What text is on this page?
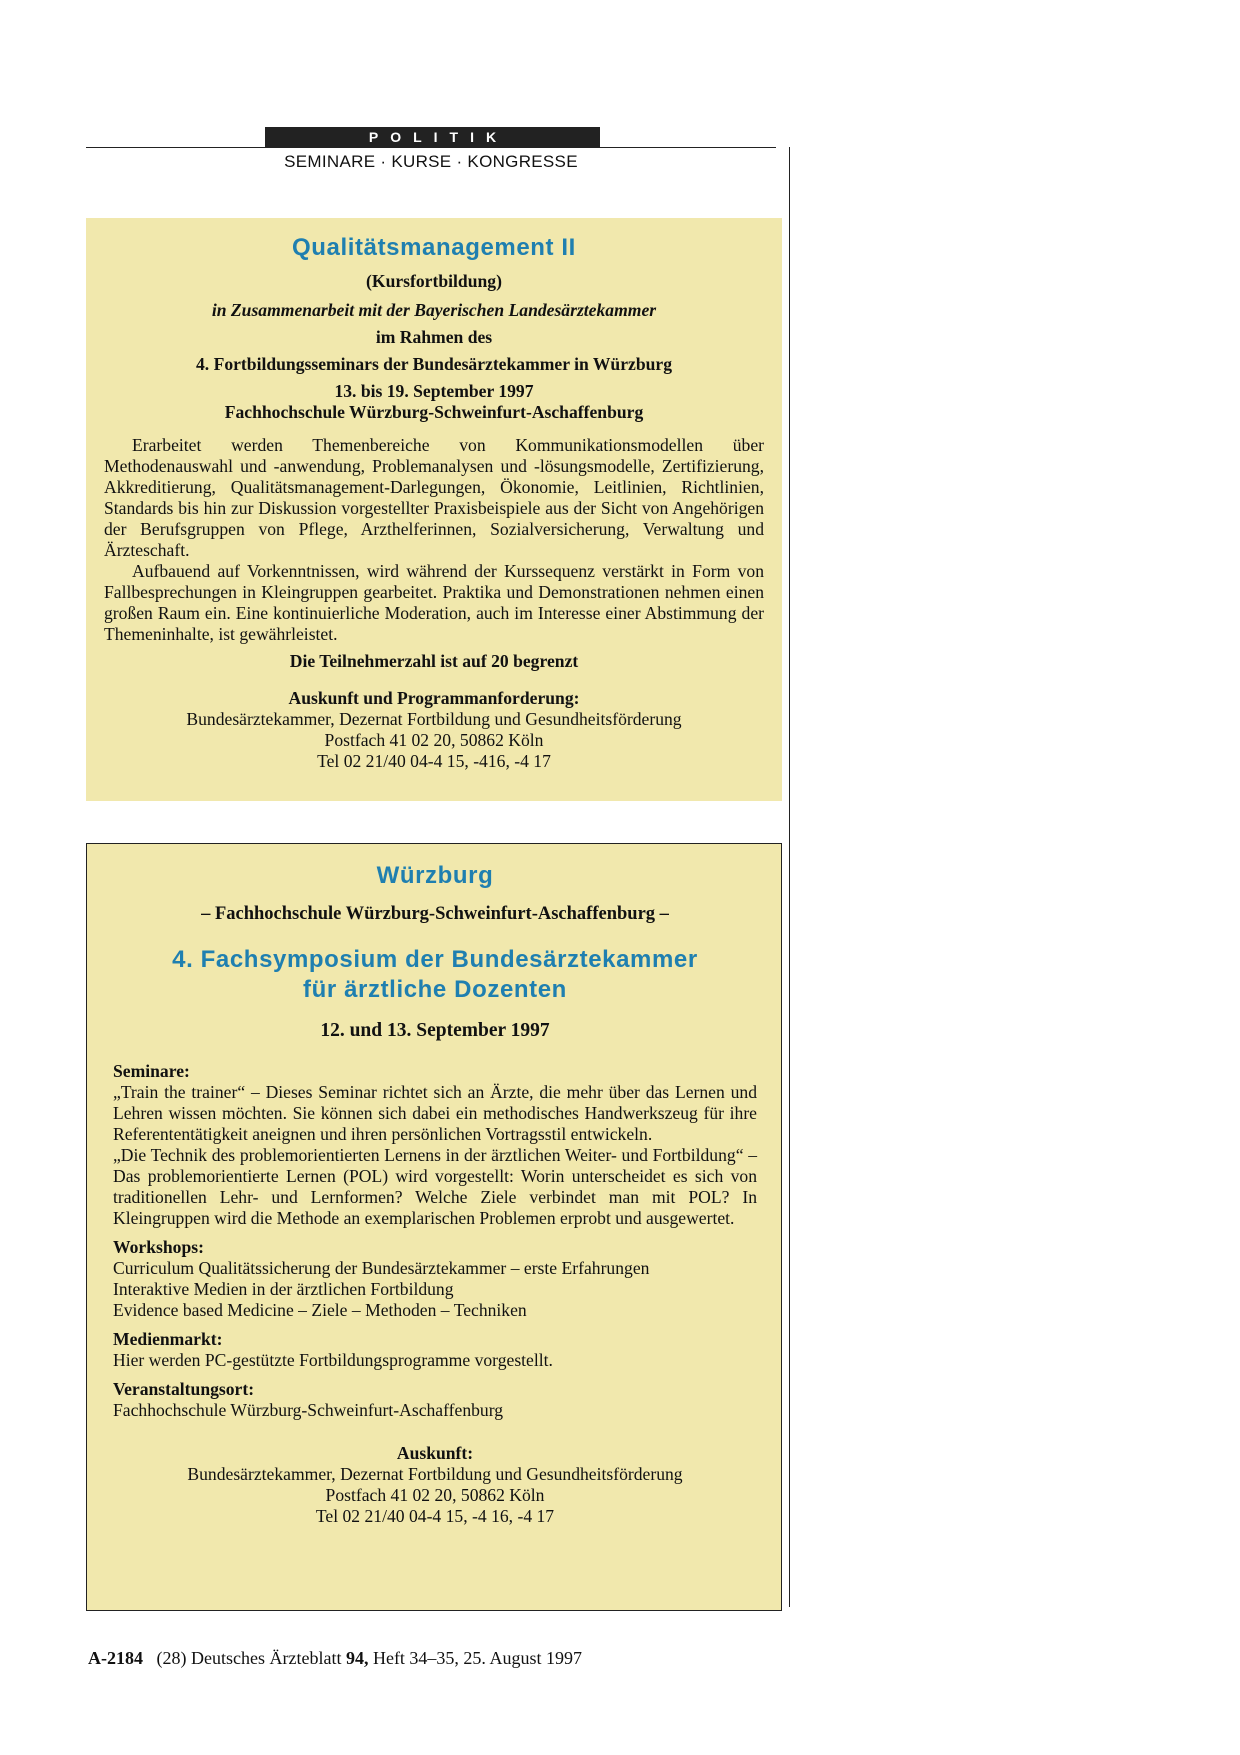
POLITIK
SEMINARE · KURSE · KONGRESSE
Qualitätsmanagement II
(Kursfortbildung)
in Zusammenarbeit mit der Bayerischen Landesärztekammer
im Rahmen des
4. Fortbildungsseminars der Bundesärztekammer in Würzburg
13. bis 19. September 1997
Fachhochschule Würzburg-Schweinfurt-Aschaffenburg

Erarbeitet werden Themenbereiche von Kommunikationsmodellen über Methodenauswahl und -anwendung, Problemanalysen und -lösungsmodelle, Zertifizierung, Akkreditierung, Qualitätsmanagement-Darlegungen, Ökonomie, Leitlinien, Richtlinien, Standards bis hin zur Diskussion vorgestellter Praxisbeispiele aus der Sicht von Angehörigen der Berufsgruppen von Pflege, Arzthelferinnen, Sozialversicherung, Verwaltung und Ärzteschaft.

Aufbauend auf Vorkenntnissen, wird während der Kurssequenz verstärkt in Form von Fallbesprechungen in Kleingruppen gearbeitet. Praktika und Demonstrationen nehmen einen großen Raum ein. Eine kontinuierliche Moderation, auch im Interesse einer Abstimmung der Themeninhalte, ist gewährleistet.

Die Teilnehmerzahl ist auf 20 begrenzt
Auskunft und Programmanforderung:
Bundesärztekammer, Dezernat Fortbildung und Gesundheitsförderung
Postfach 41 02 20, 50862 Köln
Tel 02 21/40 04-4 15, -416, -4 17
Würzburg
– Fachhochschule Würzburg-Schweinfurt-Aschaffenburg –
4. Fachsymposium der Bundesärztekammer
für ärztliche Dozenten
12. und 13. September 1997
Seminare:

„Train the trainer“ – Dieses Seminar richtet sich an Ärzte, die mehr über das Lernen und Lehren wissen möchten. Sie können sich dabei ein methodisches Handwerkszeug für ihre Referententätigkeit aneignen und ihren persönlichen Vortragsstil entwickeln.

„Die Technik des problemorientierten Lernens in der ärztlichen Weiter- und Fortbildung“ – Das problemorientierte Lernen (POL) wird vorgestellt: Worin unterscheidet es sich von traditionellen Lehr- und Lernformen? Welche Ziele verbindet man mit POL? In Kleingruppen wird die Methode an exemplarischen Problemen erprobt und ausgewertet.

Workshops:
Curriculum Qualitätssicherung der Bundesärztekammer – erste Erfahrungen
Interaktive Medien in der ärztlichen Fortbildung
Evidence based Medicine – Ziele – Methoden – Techniken
Medienmarkt:
Hier werden PC-gestützte Fortbildungsprogramme vorgestellt.
Veranstaltungsort:
Fachhochschule Würzburg-Schweinfurt-Aschaffenburg
Auskunft:
Bundesärztekammer, Dezernat Fortbildung und Gesundheitsförderung
Postfach 41 02 20, 50862 Köln
Tel 02 21/40 04-4 15, -4 16, -4 17
A-2184 (28) Deutsches Ärzteblatt 94, Heft 34–35, 25. August 1997
